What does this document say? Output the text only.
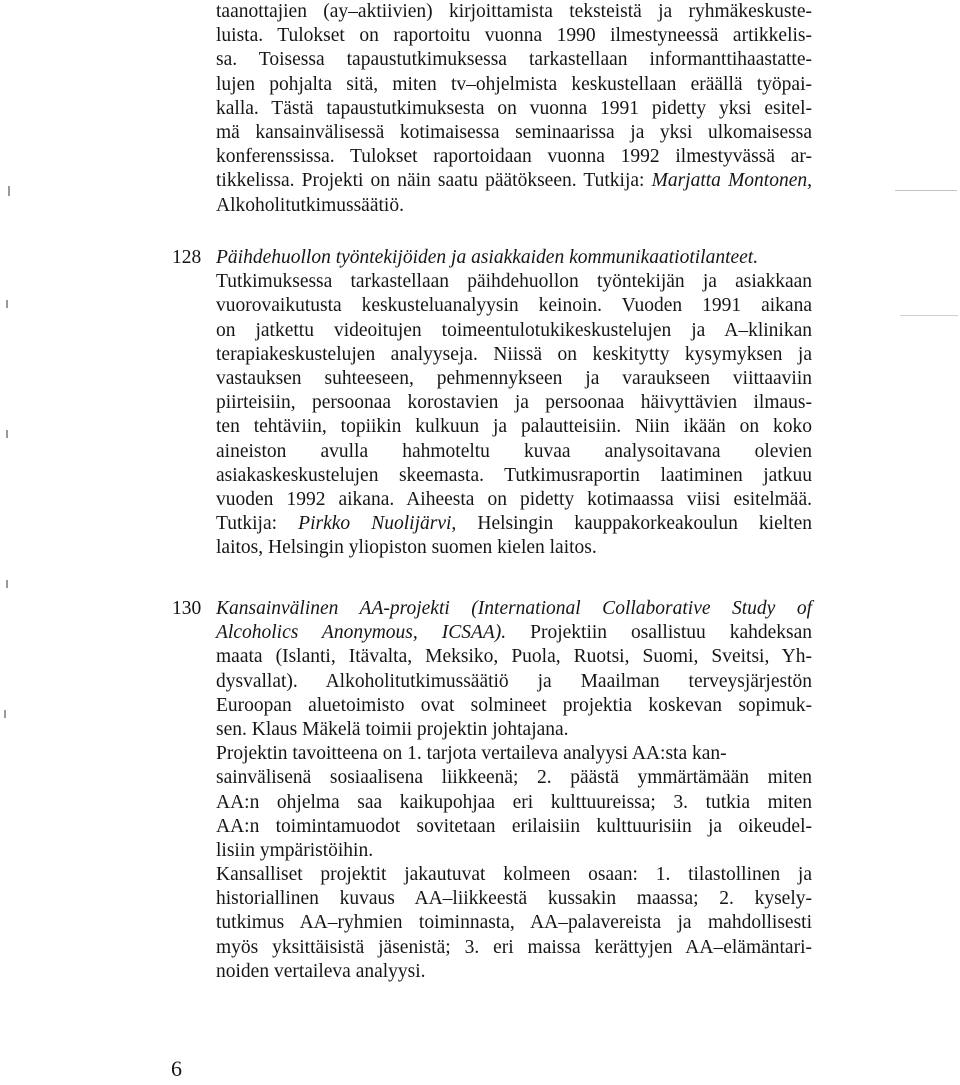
taanottajien (ay–aktiivien) kirjoittamista teksteistä ja ryhmäkeskuste-
luista. Tulokset on raportoitu vuonna 1990 ilmestyneessä artikkelis-
sa. Toisessa tapaustutkimuksessa tarkastellaan informanttihaastatte-
lujen pohjalta sitä, miten tv–ohjelmista keskustellaan eräällä työpai-
kalla. Tästä tapaustutkimuksesta on vuonna 1991 pidetty yksi esitel-
mä kansainvälisessä kotimaisessa seminaarissa ja yksi ulkomaisessa
konferenssissa. Tulokset raportoidaan vuonna 1992 ilmestyvässä ar-
tikkelissa. Projekti on näin saatu päätökseen. Tutkija: Marjatta Montonen,
Alkoholitutkimussäätiö.
128 Päihdehuollon työntekijöiden ja asiakkaiden kommunikaatiotilanteet.
Tutkimuksessa tarkastellaan päihdehuollon työntekijän ja asiakkaan
vuorovaikutusta keskusteluanalyysin keinoin. Vuoden 1991 aikana
on jatkettu videoitujen toimeentulotukikeskustelujen ja A–klinikan
terapiakeskustelujen analyyseja. Niissä on keskitytty kysymyksen ja
vastauksen suhteeseen, pehmennykseen ja varaukseen viittaaviin
piirteisiin, persoonaa korostavien ja persoonaa häivyttävien ilmaus-
ten tehtäviin, topiikin kulkuun ja palautteisiin. Niin ikään on koko
aineiston avulla hahmoteltu kuvaa analysoitavana olevien
asiakaskeskustelujen skeemasta. Tutkimusraportin laatiminen jatkuu
vuoden 1992 aikana. Aiheesta on pidetty kotimaassa viisi esitelmää.
Tutkija: Pirkko Nuolijärvi, Helsingin kauppakorkeakoulun kielten
laitos, Helsingin yliopiston suomen kielen laitos.
130 Kansainvälinen AA-projekti (International Collaborative Study of
Alcoholics Anonymous, ICSAA). Projektiin osallistuu kahdeksan
maata (Islanti, Itävalta, Meksiko, Puola, Ruotsi, Suomi, Sveitsi, Yh-
dysvallat). Alkoholitutkimussäätiö ja Maailman terveysjärjestön
Euroopan aluetoimisto ovat solmineet projektia koskevan sopimuk-
sen. Klaus Mäkelä toimii projektin johtajana.
Projektin tavoitteena on 1. tarjota vertaileva analyysi AA:sta kan-
sainvälisenä sosiaalisena liikkeenä; 2. päästä ymmärtämään miten
AA:n ohjelma saa kaikupohjaa eri kulttuureissa; 3. tutkia miten
AA:n toimintamuodot sovitetaan erilaisiin kulttuurisiin ja oikeudel-
lisiin ympäristöihin.
Kansalliset projektit jakautuvat kolmeen osaan: 1. tilastollinen ja
historiallinen kuvaus AA–liikkeestä kussakin maassa; 2. kysely-
tutkimus AA–ryhmien toiminnasta, AA–palavereista ja mahdollisesti
myös yksittäisistä jäsenistä; 3. eri maissa kerättyjen AA–elämäntari-
noiden vertaileva analyysi.
6
